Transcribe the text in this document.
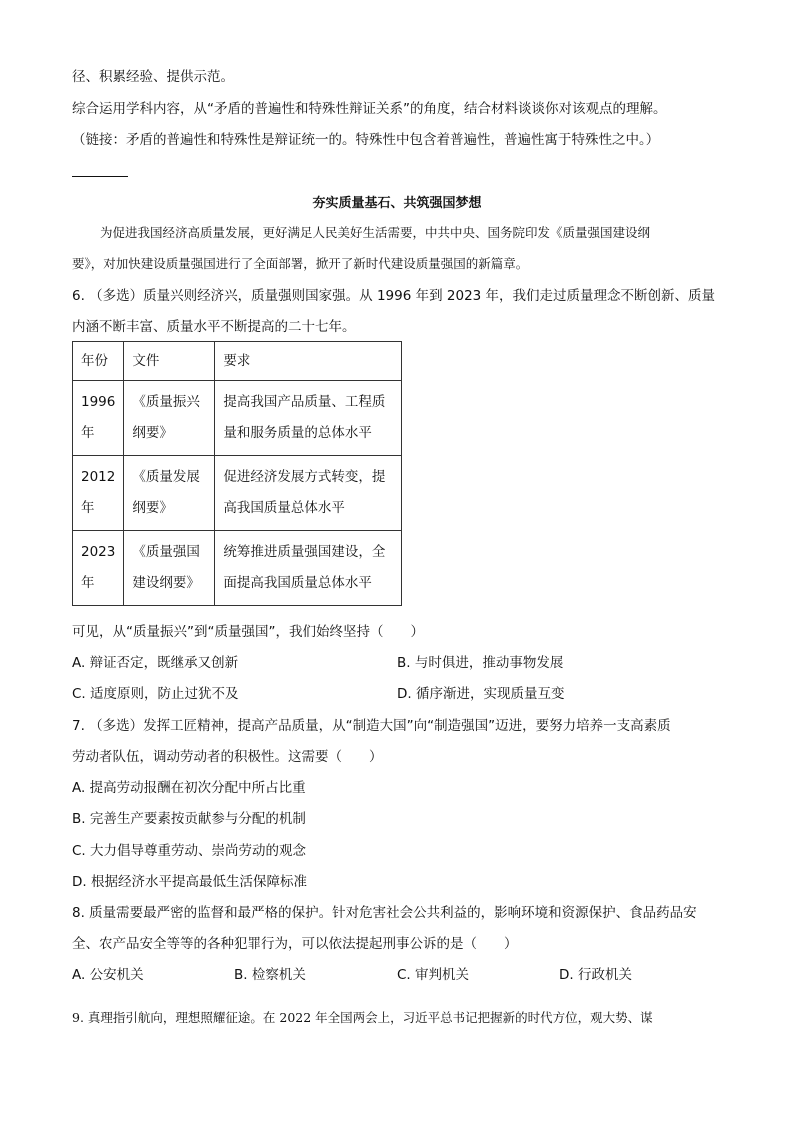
径、积累经验、提供示范。
综合运用学科内容，从“矛盾的普遍性和特殊性辩证关系”的角度，结合材料谈谈你对该观点的理解。
（链接：矛盾的普遍性和特殊性是辩证统一的。特殊性中包含着普遍性，普遍性寓于特殊性之中。）
夯实质量基石、共筑强国梦想
为促进我国经济高质量发展，更好满足人民美好生活需要，中共中央、国务院印发《质量强国建设纲
要》，对加快建设质量强国进行了全面部署，掀开了新时代建设质量强国的新篇章。
6. （多选）质量兴则经济兴，质量强则国家强。从 1996 年到 2023 年，我们走过质量理念不断创新、质量
内涵不断丰富、质量水平不断提高的二十七年。
年份	文件	要求
1996 年	《质量振兴纲要》	提高我国产品质量、工程质量和服务质量的总体水平
2012 年	《质量发展纲要》	促进经济发展方式转变，提高我国质量总体水平
2023 年	《质量强国建设纲要》	统筹推进质量强国建设，全面提高我国质量总体水平
可见，从“质量振兴”到“质量强国”，我们始终坚持（　　）
A. 辩证否定，既继承又创新	B. 与时俱进，推动事物发展
C. 适度原则，防止过犹不及	D. 循序渐进，实现质量互变
7. （多选）发挥工匠精神，提高产品质量，从“制造大国”向“制造强国”迈进，要努力培养一支高素质
劳动者队伍，调动劳动者的积极性。这需要（　　）
A. 提高劳动报酬在初次分配中所占比重
B. 完善生产要素按贡献参与分配的机制
C. 大力倡导尊重劳动、崇尚劳动的观念
D. 根据经济水平提高最低生活保障标准
8. 质量需要最严密的监督和最严格的保护。针对危害社会公共利益的，影响环境和资源保护、食品药品安
全、农产品安全等等的各种犯罪行为，可以依法提起刑事公诉的是（　　）
A. 公安机关	B. 检察机关	C. 审判机关	D. 行政机关
9. 真理指引航向，理想照耀征途。在 2022 年全国两会上，习近平总书记把握新的时代方位，观大势、谋
